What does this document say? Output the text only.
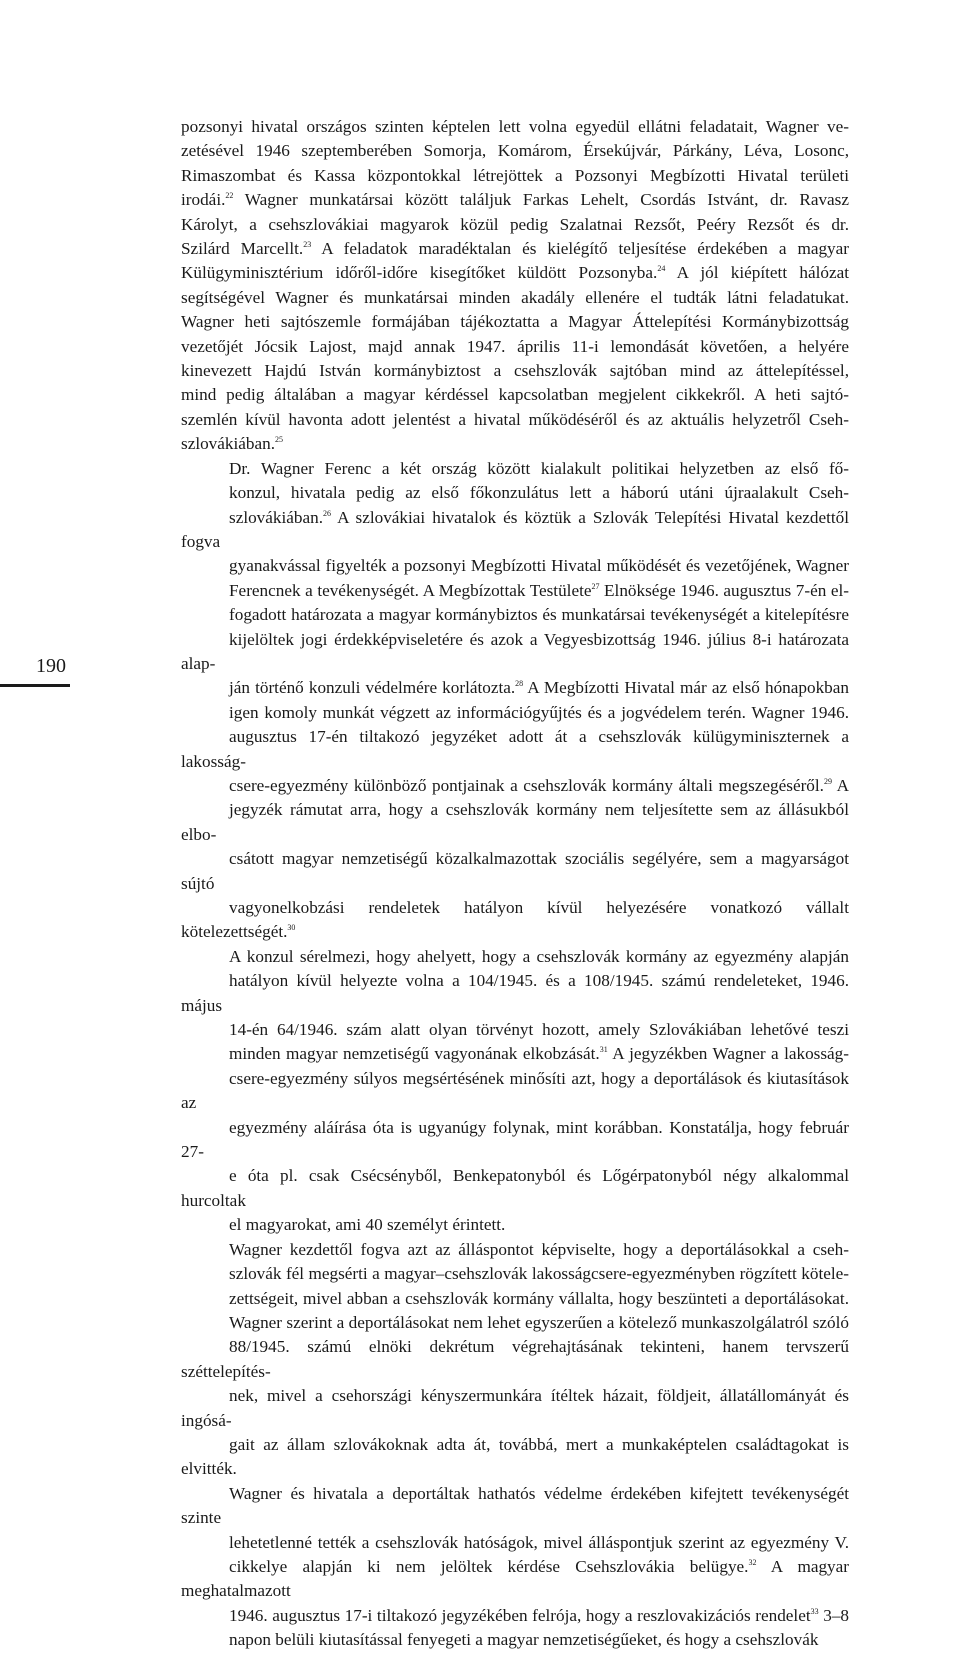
190

pozsonyi hivatal országos szinten képtelen lett volna egyedül ellátni feladatait, Wagner ve-
zetésével 1946 szeptemberében Somorja, Komárom, Érsekújvár, Párkány, Léva, Losonc,
Rimaszombat és Kassa központokkal létrejöttek a Pozsonyi Megbízotti Hivatal területi
irodái.$^{22}$ Wagner munkatársai között találjuk Farkas Lehelt, Csordás Istvánt, dr. Ravasz
Károlyt, a csehszlovákiai magyarok közül pedig Szalatnai Rezsőt, Peéry Rezsőt és dr.
Szilárd Marcellt.$^{23}$ A feladatok maradéktalan és kielégítő teljesítése érdekében a magyar
Külügyminisztérium időről-időre kisegítőket küldött Pozsonyba.$^{24}$ A jól kiépített hálózat
segítségével Wagner és munkatársai minden akadály ellenére el tudták látni feladatukat.
Wagner heti sajtószemle formájában tájékoztatta a Magyar Áttelepítési Kormánybizottság
vezetőjét Jócsik Lajost, majd annak 1947. április 11-i lemondását követően, a helyére
kinevezett Hajdú István kormánybiztost a csehszlovák sajtóban mind az áttelepítéssel,
mind pedig általában a magyar kérdéssel kapcsolatban megjelent cikkekről. A heti sajtó-
szemlén kívül havonta adott jelentést a hivatal működéséről és az aktuális helyzetről Cseh-
szlovákiában.$^{25}$

Dr. Wagner Ferenc a két ország között kialakult politikai helyzetben az első fő-
konzul, hivatala pedig az első főkonzulátus lett a háború utáni újraalakult Cseh-
szlovákiában.$^{26}$ A szlovákiai hivatalok és köztük a Szlovák Telepítési Hivatal kezdettől fogva
gyanakvással figyelték a pozsonyi Megbízotti Hivatal működését és vezetőjének, Wagner
Ferencnek a tevékenységét. A Megbízottak Testülete$^{27}$ Elnöksége 1946. augusztus 7-én el-
fogadott határozata a magyar kormánybiztos és munkatársai tevékenységét a kitelepítésre
kijelöltek jogi érdekképviseletére és azok a Vegyesbizottság 1946. július 8-i határozata alap-
ján történő konzuli védelmére korlátozta.$^{28}$ A Megbízotti Hivatal már az első hónapokban
igen komoly munkát végzett az információgyűjtés és a jogvédelem terén. Wagner 1946.
augusztus 17-én tiltakozó jegyzéket adott át a csehszlovák külügyminiszternek a lakosság-
csere-egyezmény különböző pontjainak a csehszlovák kormány általi megszegéséről.$^{29}$ A
jegyzék rámutat arra, hogy a csehszlovák kormány nem teljesítette sem az állásukból elbo-
csátott magyar nemzetiségű közalkalmazottak szociális segélyére, sem a magyarságot sújtó
vagyonelkobzási rendeletek hatályon kívül helyezésére vonatkozó vállalt kötelezettségét.$^{30}$
A konzul sérelmezi, hogy ahelyett, hogy a csehszlovák kormány az egyezmény alapján
hatályon kívül helyezte volna a 104/1945. és a 108/1945. számú rendeleteket, 1946. május
14-én 64/1946. szám alatt olyan törvényt hozott, amely Szlovákiában lehetővé teszi
minden magyar nemzetiségű vagyonának elkobzását.$^{31}$ A jegyzékben Wagner a lakosság-
csere-egyezmény súlyos megsértésének minősíti azt, hogy a deportálások és kiutasítások az
egyezmény aláírása óta is ugyanúgy folynak, mint korábban. Konstatálja, hogy február 27-
e óta pl. csak Csécsényből, Benkepatonyból és Lőgérpatonyból négy alkalommal hurcoltak
el magyarokat, ami 40 személyt érintett.

Wagner kezdettől fogva azt az álláspontot képviselte, hogy a deportálásokkal a cseh-
szlovák fél megsérti a magyar–csehszlovák lakosságcsere-egyezményben rögzített kötele-
zettségeit, mivel abban a csehszlovák kormány vállalta, hogy beszünteti a deportálásokat.
Wagner szerint a deportálásokat nem lehet egyszerűen a kötelező munkaszolgálatról szóló
88/1945. számú elnöki dekrétum végrehajtásának tekinteni, hanem tervszerű széttelepítés-
nek, mivel a csehországi kényszermunkára ítéltek házait, földjeit, állatállományát és ingósá-
gait az állam szlovákoknak adta át, továbbá, mert a munkaképtelen családtagokat is elvitték.
Wagner és hivatala a deportáltak hathatós védelme érdekében kifejtett tevékenységét szinte
lehetetlenné tették a csehszlovák hatóságok, mivel álláspontjuk szerint az egyezmény V.
cikkelye alapján ki nem jelöltek kérdése Csehszlovákia belügye.$^{32}$ A magyar meghatalmazott
1946. augusztus 17-i tiltakozó jegyzékében felrója, hogy a reszlovakizációs rendelet$^{33}$ 3–8
napon belüli kiutasítással fenyegeti a magyar nemzetiségűeket, és hogy a csehszlovák
